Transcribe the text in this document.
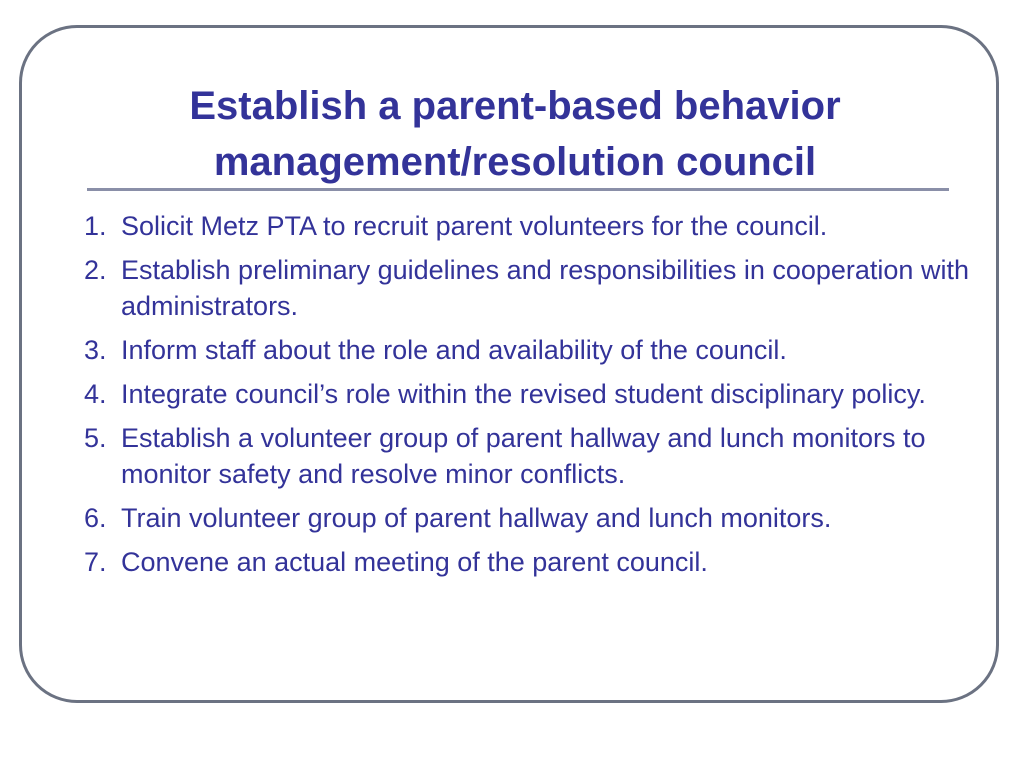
Establish a parent-based behavior
management/resolution council
1. Solicit Metz PTA to recruit parent volunteers for the council.
2. Establish preliminary guidelines and responsibilities in cooperation with administrators.
3. Inform staff about the role and availability of the council.
4. Integrate council’s role within the revised student disciplinary policy.
5. Establish a volunteer group of parent hallway and lunch monitors to monitor safety and resolve minor conflicts.
6. Train volunteer group of parent hallway and lunch monitors.
7. Convene an actual meeting of the parent council.
